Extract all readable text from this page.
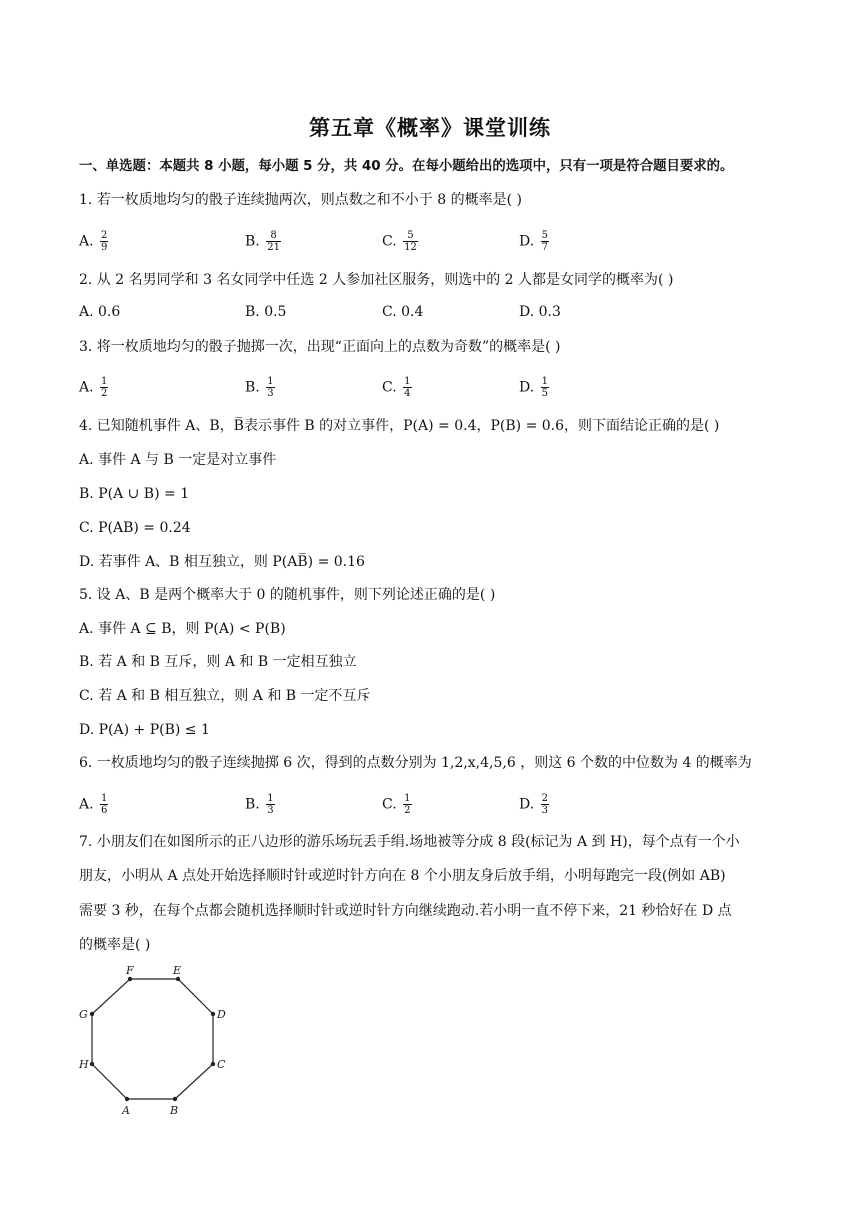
第五章《概率》课堂训练
一、单选题：本题共 8 小题，每小题 5 分，共 40 分。在每小题给出的选项中，只有一项是符合题目要求的。
1. 若一枚质地均匀的骰子连续抛两次，则点数之和不小于 8 的概率是( )
A. $\frac{2}{9}$	B. $\frac{8}{21}$	C. $\frac{5}{12}$	D. $\frac{5}{7}$
2. 从 2 名男同学和 3 名女同学中任选 2 人参加社区服务，则选中的 2 人都是女同学的概率为( )
A. 0.6	B. 0.5	C. 0.4	D. 0.3
3. 将一枚质地均匀的骰子抛掷一次，出现“正面向上的点数为奇数”的概率是( )
A. $\frac{1}{2}$	B. $\frac{1}{3}$	C. $\frac{1}{4}$	D. $\frac{1}{5}$
4. 已知随机事件 A、B，B̅表示事件 B 的对立事件，P(A) = 0.4，P(B) = 0.6，则下面结论正确的是( )
A. 事件 A 与 B 一定是对立事件
B. P(A ∪ B) = 1
C. P(AB) = 0.24
D. 若事件 A、B 相互独立，则 P(AB̅) = 0.16
5. 设 A、B 是两个概率大于 0 的随机事件，则下列论述正确的是( )
A. 事件 A ⊆ B，则 P(A) < P(B)
B. 若 A 和 B 互斥，则 A 和 B 一定相互独立
C. 若 A 和 B 相互独立，则 A 和 B 一定不互斥
D. P(A) + P(B) ≤ 1
6. 一枚质地均匀的骰子连续抛掷 6 次，得到的点数分别为 1,2,x,4,5,6 ，则这 6 个数的中位数为 4 的概率为
A. $\frac{1}{6}$	B. $\frac{1}{3}$	C. $\frac{1}{2}$	D. $\frac{2}{3}$
7. 小朋友们在如图所示的正八边形的游乐场玩丢手绢.场地被等分成 8 段(标记为 A 到 H)，每个点有一个小
朋友，小明从 A 点处开始选择顺时针或逆时针方向在 8 个小朋友身后放手绢，小明每跑完一段(例如 AB)
需要 3 秒，在每个点都会随机选择顺时针或逆时针方向继续跑动.若小明一直不停下来，21 秒恰好在 D 点
的概率是( )
A	B
C
D
E
F
G
H
